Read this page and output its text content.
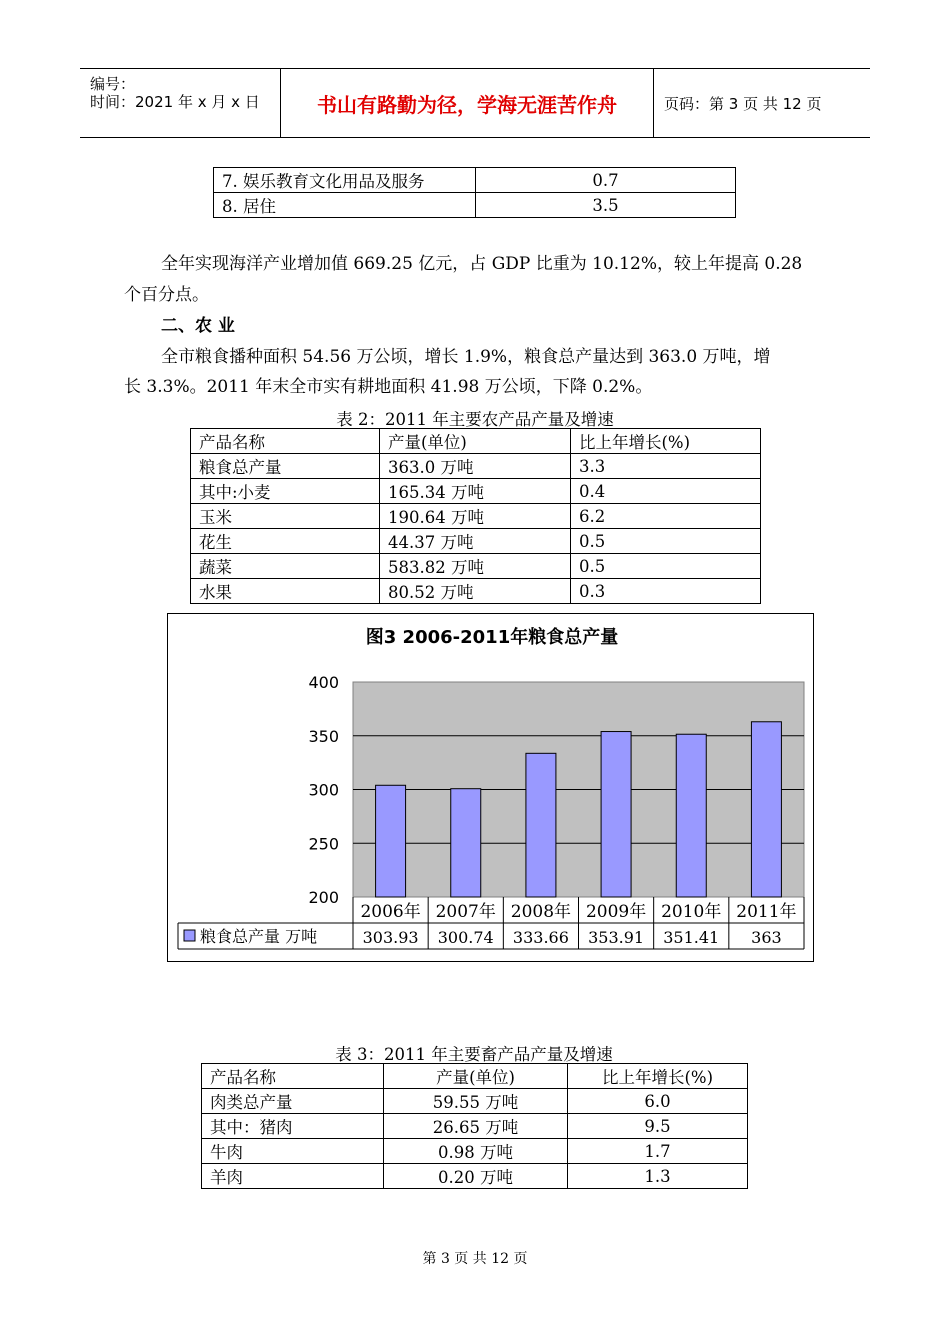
编号：
时间：2021 年 x 月 x 日	书山有路勤为径，学海无涯苦作舟	页码：第 3 页 共 12 页
7. 娱乐教育文化用品及服务	0.7
8. 居住	3.5
全年实现海洋产业增加值 669.25 亿元，占 GDP 比重为 10.12%，较上年提高 0.28
个百分点。
二、农 业
全市粮食播种面积 54.56 万公顷，增长 1.9%，粮食总产量达到 363.0 万吨，增
长 3.3%。2011 年末全市实有耕地面积 41.98 万公顷，下降 0.2%。
表 2：2011 年主要农产品产量及增速
产品名称	产量(单位)	比上年增长(%)
粮食总产量	363.0 万吨	3.3
其中:小麦	165.34 万吨	0.4
玉米	190.64 万吨	6.2
花生	44.37 万吨	0.5
蔬菜	583.82 万吨	0.5
水果	80.52 万吨	0.3
图3 2006-2011年粮食总产量
200
250
300
350
400
2006年
303.93
2007年
300.74
2008年
333.66
2009年
353.91
2010年
351.41
2011年
363
粮食总产量 万吨
表 3：2011 年主要畜产品产量及增速
产品名称	产量(单位)	比上年增长(%)
肉类总产量	59.55 万吨	6.0
其中：猪肉	26.65 万吨	9.5
牛肉	0.98 万吨	1.7
羊肉	0.20 万吨	1.3
第 3 页 共 12 页
